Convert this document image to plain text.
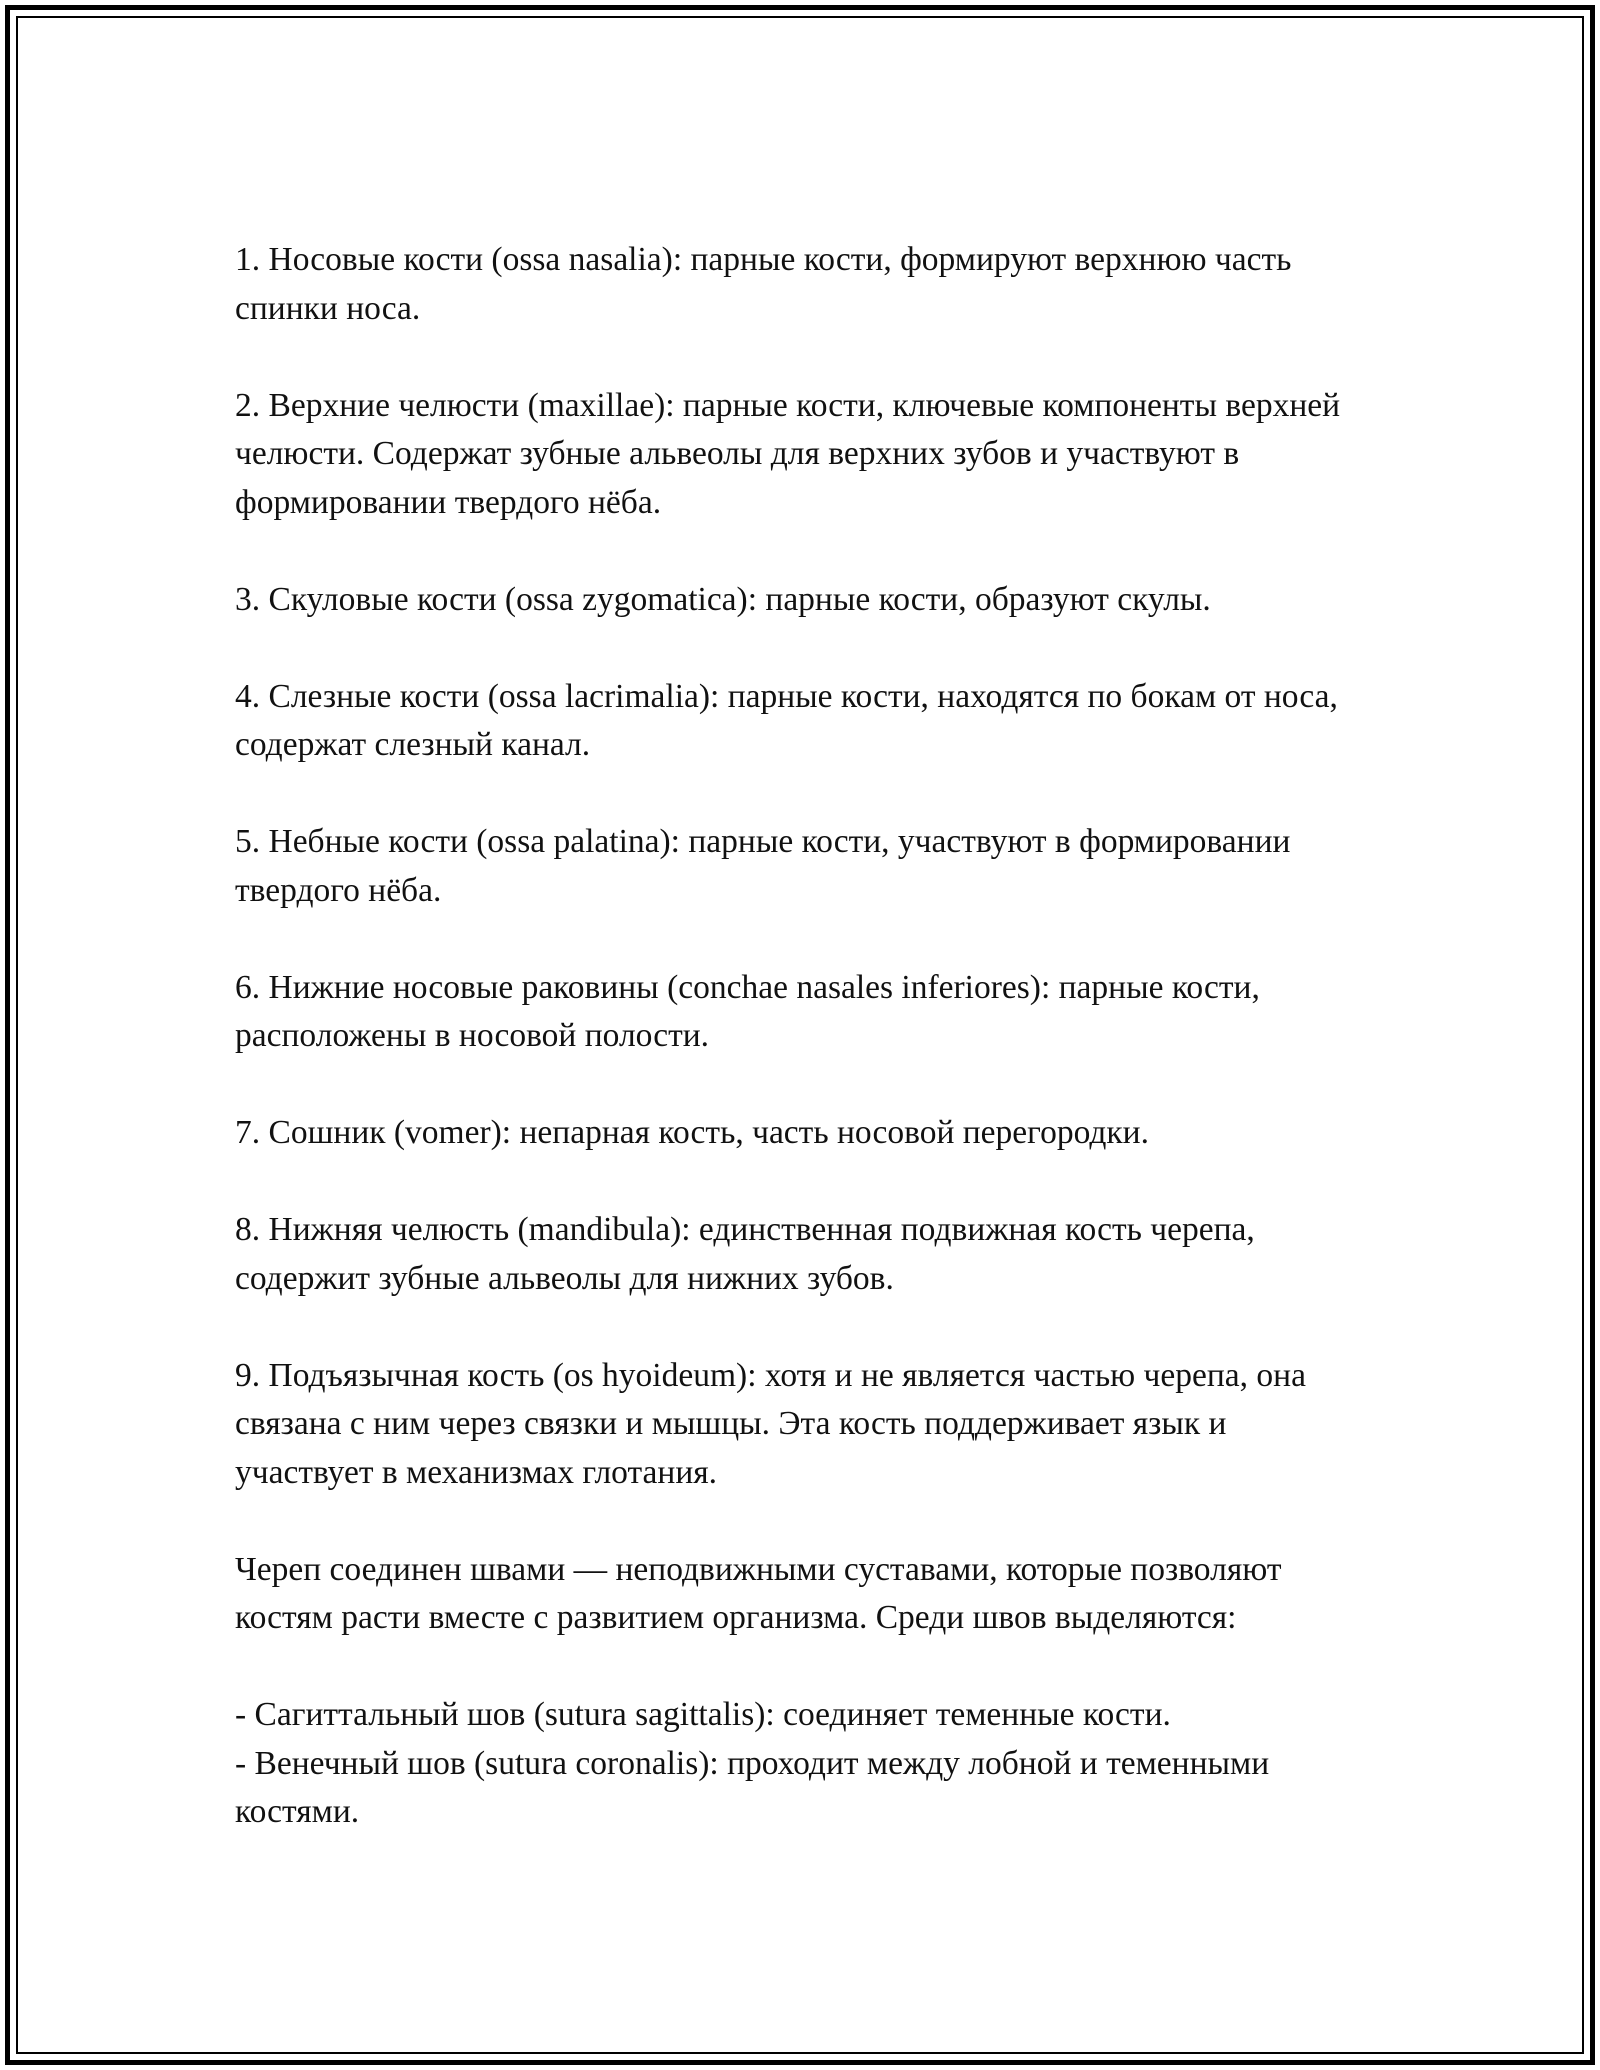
1. Носовые кости (ossa nasalia): парные кости, формируют верхнюю часть спинки носа.

2. Верхние челюсти (maxillae): парные кости, ключевые компоненты верхней челюсти. Содержат зубные альвеолы для верхних зубов и участвуют в формировании твердого нёба.

3. Скуловые кости (ossa zygomatica): парные кости, образуют скулы.

4. Слезные кости (ossa lacrimalia): парные кости, находятся по бокам от носа, содержат слезный канал.

5. Небные кости (ossa palatina): парные кости, участвуют в формировании твердого нёба.

6. Нижние носовые раковины (conchae nasales inferiores): парные кости, расположены в носовой полости.

7. Сошник (vomer): непарная кость, часть носовой перегородки.

8. Нижняя челюсть (mandibula): единственная подвижная кость черепа, содержит зубные альвеолы для нижних зубов.

9. Подъязычная кость (os hyoideum): хотя и не является частью черепа, она связана с ним через связки и мышцы. Эта кость поддерживает язык и участвует в механизмах глотания.

Череп соединен швами — неподвижными суставами, которые позволяют костям расти вместе с развитием организма. Среди швов выделяются:

- Сагиттальный шов (sutura sagittalis): соединяет теменные кости.

- Венечный шов (sutura coronalis): проходит между лобной и теменными костями.
